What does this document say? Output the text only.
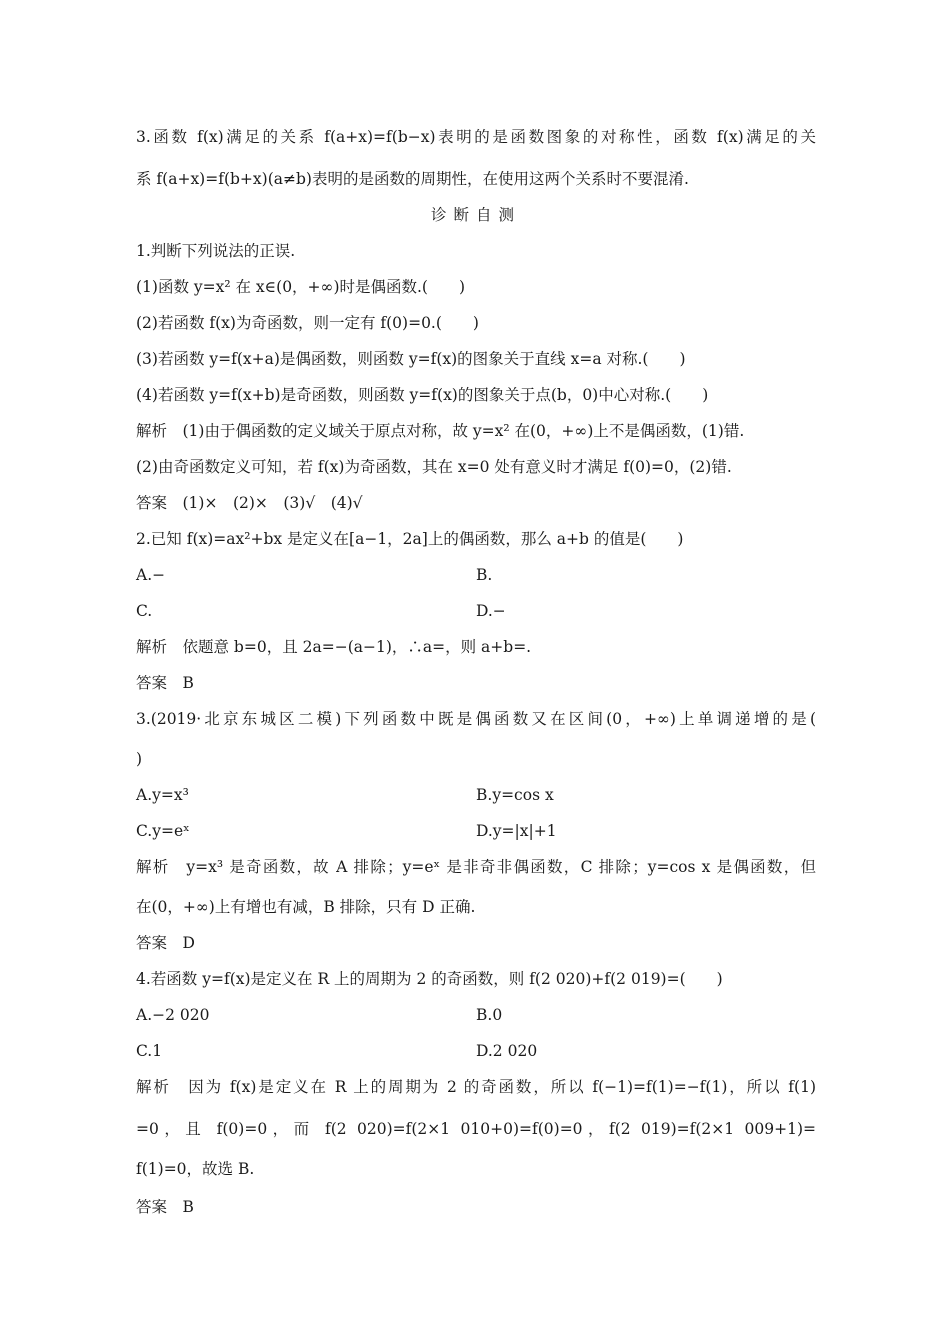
3.函数 f(x)满足的关系 f(a+x)=f(b−x)表明的是函数图象的对称性，函数 f(x)满足的关
系 f(a+x)=f(b+x)(a≠b)表明的是函数的周期性，在使用这两个关系时不要混淆.
诊断自测
1.判断下列说法的正误.
(1)函数 y=x² 在 x∈(0，+∞)时是偶函数.(　　)
(2)若函数 f(x)为奇函数，则一定有 f(0)=0.(　　)
(3)若函数 y=f(x+a)是偶函数，则函数 y=f(x)的图象关于直线 x=a 对称.(　　)
(4)若函数 y=f(x+b)是奇函数，则函数 y=f(x)的图象关于点(b，0)中心对称.(　　)
解析　(1)由于偶函数的定义域关于原点对称，故 y=x² 在(0，+∞)上不是偶函数，(1)错.
(2)由奇函数定义可知，若 f(x)为奇函数，其在 x=0 处有意义时才满足 f(0)=0，(2)错.
答案　(1)×　(2)×　(3)√　(4)√
2.已知 f(x)=ax²+bx 是定义在[a−1，2a]上的偶函数，那么 a+b 的值是(　　)
A.−	B.
C.	D.−
解析　依题意 b=0，且 2a=−(a−1)，∴a=，则 a+b=.
答案　B
3.(2019·北京东城区二模)下列函数中既是偶函数又在区间(0，+∞)上单调递增的是(
)
A.y=x³	B.y=cos x
C.y=eˣ	D.y=|x|+1
解析　y=x³ 是奇函数，故 A 排除；y=eˣ 是非奇非偶函数，C 排除；y=cos x 是偶函数，但
在(0，+∞)上有增也有减，B 排除，只有 D 正确.
答案　D
4.若函数 y=f(x)是定义在 R 上的周期为 2 的奇函数，则 f(2 020)+f(2 019)=(　　)
A.−2 020	B.0
C.1	D.2 020
解析　因为 f(x)是定义在 R 上的周期为 2 的奇函数，所以 f(−1)=f(1)=−f(1)，所以 f(1)
=0，且 f(0)=0，而 f(2 020)=f(2×1 010+0)=f(0)=0，f(2 019)=f(2×1 009+1)=
f(1)=0，故选 B.
答案　B
